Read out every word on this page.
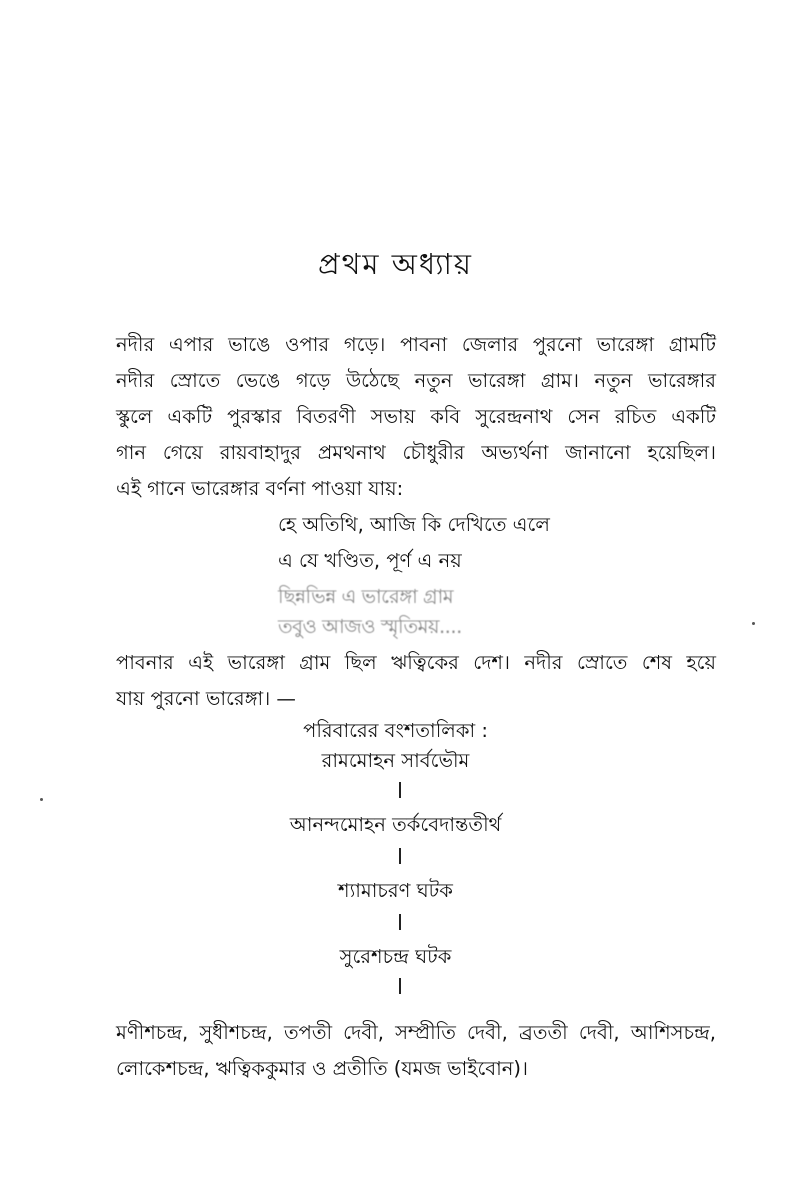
প্রথম অধ্যায়
নদীর এপার ভাঙে ওপার গড়ে। পাবনা জেলার পুরনো ভারেঙ্গা গ্রামটি
নদীর স্রোতে ভেঙে গড়ে উঠেছে নতুন ভারেঙ্গা গ্রাম। নতুন ভারেঙ্গার
স্কুলে একটি পুরস্কার বিতরণী সভায় কবি সুরেন্দ্রনাথ সেন রচিত একটি
গান গেয়ে রায়বাহাদুর প্রমথনাথ চৌধুরীর অভ্যর্থনা জানানো হয়েছিল।
এই গানে ভারেঙ্গার বর্ণনা পাওয়া যায়:
হে অতিথি, আজি কি দেখিতে এলে
এ যে খণ্ডিত, পূর্ণ এ নয়
ছিন্নভিন্ন এ ভারেঙ্গা গ্রাম
তবুও আজও স্মৃতিময়....
পাবনার এই ভারেঙ্গা গ্রাম ছিল ঋত্বিকের দেশ। নদীর স্রোতে শেষ হয়ে
যায় পুরনো ভারেঙ্গা। —
পরিবারের বংশতালিকা :
রামমোহন সার্বভৌম
আনন্দমোহন তর্কবেদান্ততীর্থ
শ্যামাচরণ ঘটক
সুরেশচন্দ্র ঘটক
মণীশচন্দ্র, সুধীশচন্দ্র, তপতী দেবী, সম্প্রীতি দেবী, ব্রততী দেবী, আশিসচন্দ্র,
লোকেশচন্দ্র, ঋত্বিককুমার ও প্রতীতি (যমজ ভাইবোন)।
